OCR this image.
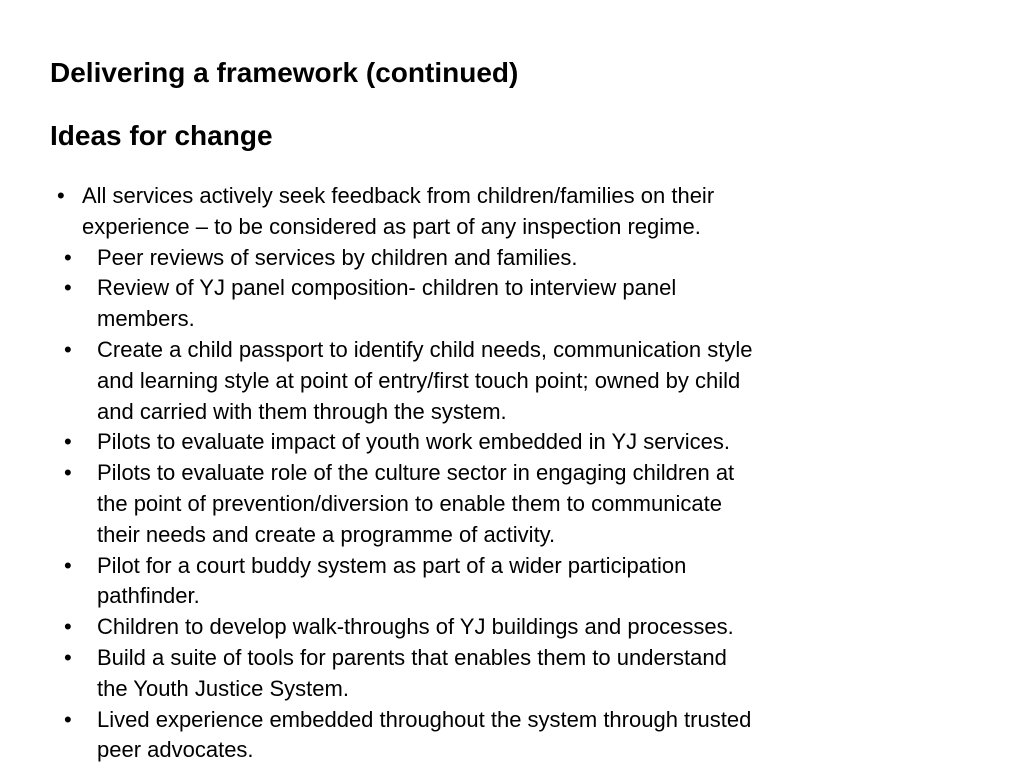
Delivering a framework (continued)
Ideas for change
• All services actively seek feedback from children/families on their
experience – to be considered as part of any inspection regime.
• Peer reviews of services by children and families.
• Review of YJ panel composition- children to interview panel
members.
• Create a child passport to identify child needs, communication style
and learning style at point of entry/first touch point; owned by child
and carried with them through the system.
• Pilots to evaluate impact of youth work embedded in YJ services.
• Pilots to evaluate role of the culture sector in engaging children at
the point of prevention/diversion to enable them to communicate
their needs and create a programme of activity.
• Pilot for a court buddy system as part of a wider participation
pathfinder.
• Children to develop walk-throughs of YJ buildings and processes.
• Build a suite of tools for parents that enables them to understand
the Youth Justice System.
• Lived experience embedded throughout the system through trusted
peer advocates.
